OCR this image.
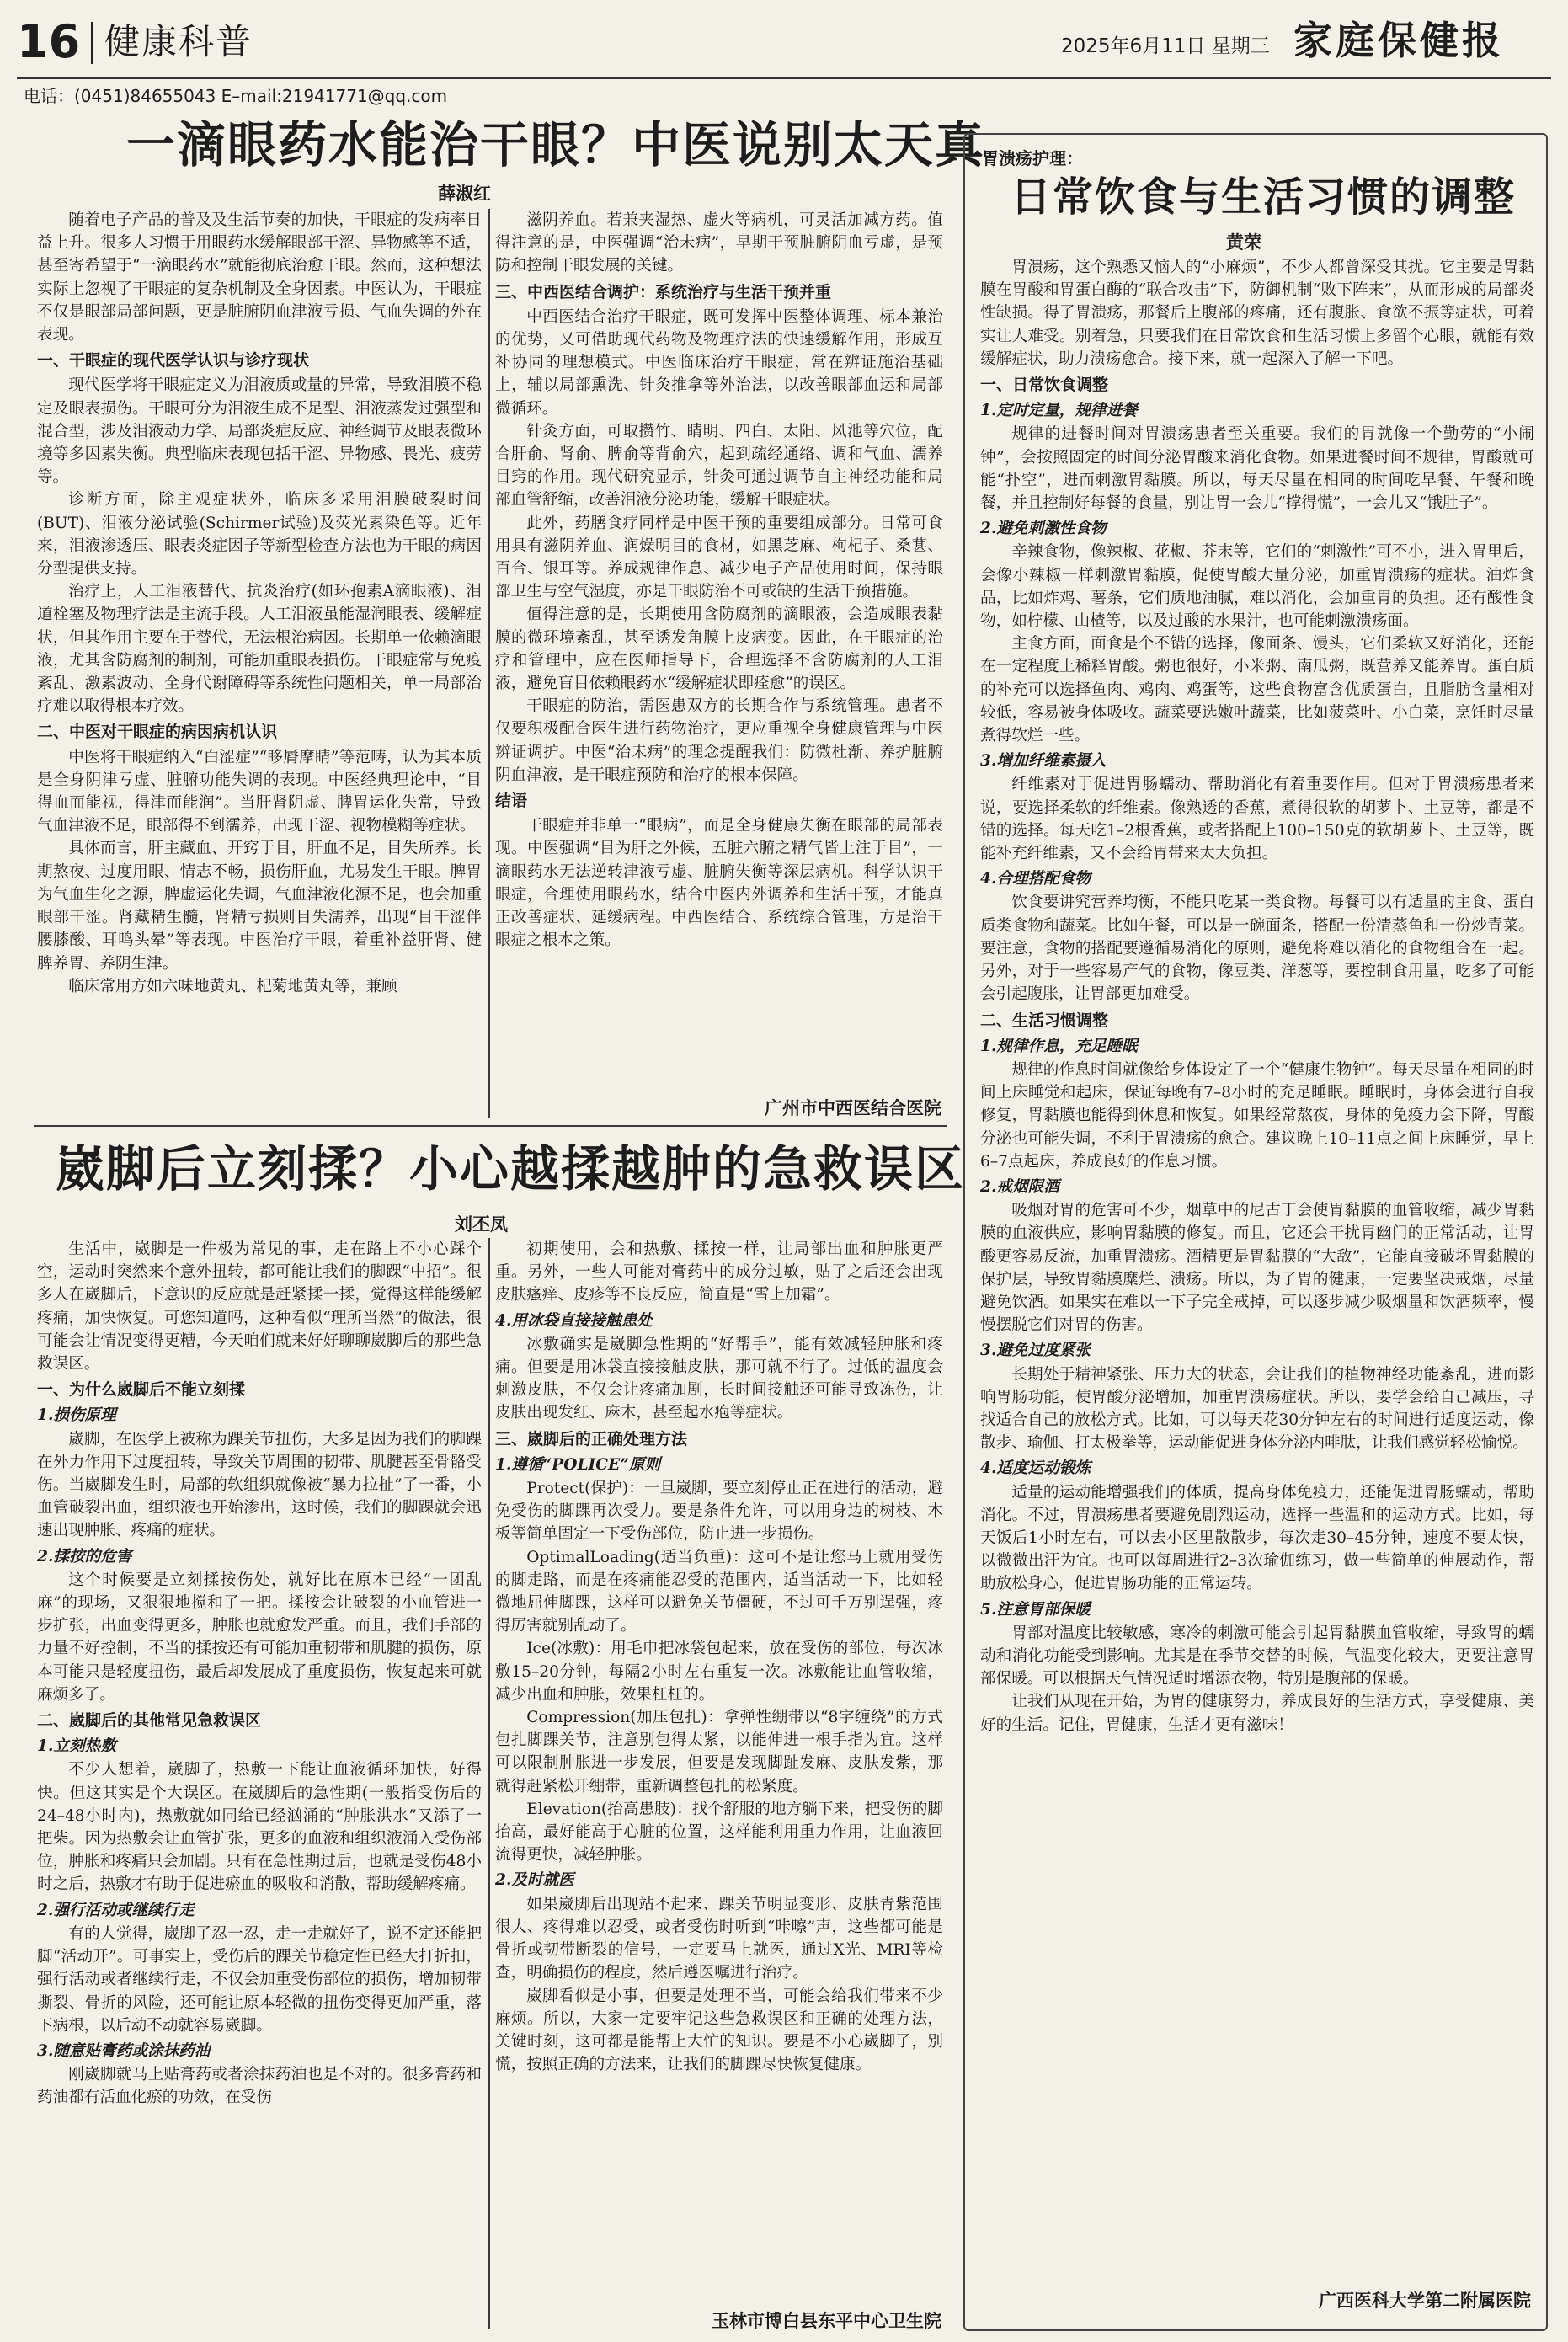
16 健康科普	2025年6月11日 星期三 家庭保健报
电话：(0451)84655043 E–mail:21941771@qq.com
一滴眼药水能治干眼？中医说别太天真
薛淑红

随着电子产品的普及及生活节奏的加快，干眼症的发病率日益上升。很多人习惯于用眼药水缓解眼部干涩、异物感等不适，甚至寄希望于“一滴眼药水”就能彻底治愈干眼。然而，这种想法实际上忽视了干眼症的复杂机制及全身因素。中医认为，干眼症不仅是眼部局部问题，更是脏腑阴血津液亏损、气血失调的外在表现。

一、干眼症的现代医学认识与诊疗现状

现代医学将干眼症定义为泪液质或量的异常，导致泪膜不稳定及眼表损伤。干眼可分为泪液生成不足型、泪液蒸发过强型和混合型，涉及泪液动力学、局部炎症反应、神经调节及眼表微环境等多因素失衡。典型临床表现包括干涩、异物感、畏光、疲劳等。

诊断方面，除主观症状外，临床多采用泪膜破裂时间(BUT)、泪液分泌试验(Schirmer试验)及荧光素染色等。近年来，泪液渗透压、眼表炎症因子等新型检查方法也为干眼的病因分型提供支持。

治疗上，人工泪液替代、抗炎治疗(如环孢素A滴眼液)、泪道栓塞及物理疗法是主流手段。人工泪液虽能湿润眼表、缓解症状，但其作用主要在于替代，无法根治病因。长期单一依赖滴眼液，尤其含防腐剂的制剂，可能加重眼表损伤。干眼症常与免疫紊乱、激素波动、全身代谢障碍等系统性问题相关，单一局部治疗难以取得根本疗效。

二、中医对干眼症的病因病机认识

中医将干眼症纳入“白涩症”“眵脣摩睛”等范畴，认为其本质是全身阴津亏虚、脏腑功能失调的表现。中医经典理论中，“目得血而能视，得津而能润”。当肝肾阴虚、脾胃运化失常，导致气血津液不足，眼部得不到濡养，出现干涩、视物模糊等症状。

具体而言，肝主藏血、开窍于目，肝血不足，目失所养。长期熬夜、过度用眼、情志不畅，损伤肝血，尤易发生干眼。脾胃为气血生化之源，脾虚运化失调，气血津液化源不足，也会加重眼部干涩。肾藏精生髓，肾精亏损则目失濡养，出现“目干涩伴腰膝酸、耳鸣头晕”等表现。中医治疗干眼，着重补益肝肾、健脾养胃、养阴生津。

临床常用方如六味地黄丸、杞菊地黄丸等，兼顾

滋阴养血。若兼夹湿热、虚火等病机，可灵活加减方药。值得注意的是，中医强调“治未病”，早期干预脏腑阴血亏虚，是预防和控制干眼发展的关键。

三、中西医结合调护：系统治疗与生活干预并重

中西医结合治疗干眼症，既可发挥中医整体调理、标本兼治的优势，又可借助现代药物及物理疗法的快速缓解作用，形成互补协同的理想模式。中医临床治疗干眼症，常在辨证施治基础上，辅以局部熏洗、针灸推拿等外治法，以改善眼部血运和局部微循环。

针灸方面，可取攒竹、睛明、四白、太阳、风池等穴位，配合肝俞、肾俞、脾俞等背俞穴，起到疏经通络、调和气血、濡养目窍的作用。现代研究显示，针灸可通过调节自主神经功能和局部血管舒缩，改善泪液分泌功能，缓解干眼症状。

此外，药膳食疗同样是中医干预的重要组成部分。日常可食用具有滋阴养血、润燥明目的食材，如黑芝麻、枸杞子、桑葚、百合、银耳等。养成规律作息、减少电子产品使用时间，保持眼部卫生与空气湿度，亦是干眼防治不可或缺的生活干预措施。

值得注意的是，长期使用含防腐剂的滴眼液，会造成眼表黏膜的微环境紊乱，甚至诱发角膜上皮病变。因此，在干眼症的治疗和管理中，应在医师指导下，合理选择不含防腐剂的人工泪液，避免盲目依赖眼药水“缓解症状即痊愈”的误区。

干眼症的防治，需医患双方的长期合作与系统管理。患者不仅要积极配合医生进行药物治疗，更应重视全身健康管理与中医辨证调护。中医“治未病”的理念提醒我们：防微杜渐、养护脏腑阴血津液，是干眼症预防和治疗的根本保障。

结语

干眼症并非单一“眼病”，而是全身健康失衡在眼部的局部表现。中医强调“目为肝之外候，五脏六腑之精气皆上注于目”，一滴眼药水无法逆转津液亏虚、脏腑失衡等深层病机。科学认识干眼症，合理使用眼药水，结合中医内外调养和生活干预，才能真正改善症状、延缓病程。中西医结合、系统综合管理，方是治干眼症之根本之策。

广州市中西医结合医院
崴脚后立刻揉？小心越揉越肿的急救误区
刘丕凤

生活中，崴脚是一件极为常见的事，走在路上不小心踩个空，运动时突然来个意外扭转，都可能让我们的脚踝“中招”。很多人在崴脚后，下意识的反应就是赶紧揉一揉，觉得这样能缓解疼痛，加快恢复。可您知道吗，这种看似“理所当然”的做法，很可能会让情况变得更糟，今天咱们就来好好聊聊崴脚后的那些急救误区。

一、为什么崴脚后不能立刻揉
1.损伤原理

崴脚，在医学上被称为踝关节扭伤，大多是因为我们的脚踝在外力作用下过度扭转，导致关节周围的韧带、肌腱甚至骨骼受伤。当崴脚发生时，局部的软组织就像被“暴力拉扯”了一番，小血管破裂出血，组织液也开始渗出，这时候，我们的脚踝就会迅速出现肿胀、疼痛的症状。

2.揉按的危害

这个时候要是立刻揉按伤处，就好比在原本已经“一团乱麻”的现场，又狠狠地搅和了一把。揉按会让破裂的小血管进一步扩张，出血变得更多，肿胀也就愈发严重。而且，我们手部的力量不好控制，不当的揉按还有可能加重韧带和肌腱的损伤，原本可能只是轻度扭伤，最后却发展成了重度损伤，恢复起来可就麻烦多了。

二、崴脚后的其他常见急救误区
1.立刻热敷

不少人想着，崴脚了，热敷一下能让血液循环加快，好得快。但这其实是个大误区。在崴脚后的急性期(一般指受伤后的24–48小时内)，热敷就如同给已经汹涌的“肿胀洪水”又添了一把柴。因为热敷会让血管扩张，更多的血液和组织液涌入受伤部位，肿胀和疼痛只会加剧。只有在急性期过后，也就是受伤48小时之后，热敷才有助于促进瘀血的吸收和消散，帮助缓解疼痛。

2.强行活动或继续行走

有的人觉得，崴脚了忍一忍，走一走就好了，说不定还能把脚“活动开”。可事实上，受伤后的踝关节稳定性已经大打折扣，强行活动或者继续行走，不仅会加重受伤部位的损伤，增加韧带撕裂、骨折的风险，还可能让原本轻微的扭伤变得更加严重，落下病根，以后动不动就容易崴脚。

3.随意贴膏药或涂抹药油

刚崴脚就马上贴膏药或者涂抹药油也是不对的。很多膏药和药油都有活血化瘀的功效，在受伤

初期使用，会和热敷、揉按一样，让局部出血和肿胀更严重。另外，一些人可能对膏药中的成分过敏，贴了之后还会出现皮肤瘙痒、皮疹等不良反应，简直是“雪上加霜”。

4.用冰袋直接接触患处

冰敷确实是崴脚急性期的“好帮手”，能有效减轻肿胀和疼痛。但要是用冰袋直接接触皮肤，那可就不行了。过低的温度会刺激皮肤，不仅会让疼痛加剧，长时间接触还可能导致冻伤，让皮肤出现发红、麻木，甚至起水疱等症状。

三、崴脚后的正确处理方法
1.遵循“POLICE”原则

Protect(保护)：一旦崴脚，要立刻停止正在进行的活动，避免受伤的脚踝再次受力。要是条件允许，可以用身边的树枝、木板等简单固定一下受伤部位，防止进一步损伤。

OptimalLoading(适当负重)：这可不是让您马上就用受伤的脚走路，而是在疼痛能忍受的范围内，适当活动一下，比如轻微地屈伸脚踝，这样可以避免关节僵硬，不过可千万别逞强，疼得厉害就别乱动了。

Ice(冰敷)：用毛巾把冰袋包起来，放在受伤的部位，每次冰敷15–20分钟，每隔2小时左右重复一次。冰敷能让血管收缩，减少出血和肿胀，效果杠杠的。

Compression(加压包扎)：拿弹性绷带以“8字缠绕”的方式包扎脚踝关节，注意别包得太紧，以能伸进一根手指为宜。这样可以限制肿胀进一步发展，但要是发现脚趾发麻、皮肤发紫，那就得赶紧松开绷带，重新调整包扎的松紧度。

Elevation(抬高患肢)：找个舒服的地方躺下来，把受伤的脚抬高，最好能高于心脏的位置，这样能利用重力作用，让血液回流得更快，减轻肿胀。

2.及时就医

如果崴脚后出现站不起来、踝关节明显变形、皮肤青紫范围很大、疼得难以忍受，或者受伤时听到“咔嚓”声，这些都可能是骨折或韧带断裂的信号，一定要马上就医，通过X光、MRI等检查，明确损伤的程度，然后遵医嘱进行治疗。

崴脚看似是小事，但要是处理不当，可能会给我们带来不少麻烦。所以，大家一定要牢记这些急救误区和正确的处理方法，关键时刻，这可都是能帮上大忙的知识。要是不小心崴脚了，别慌，按照正确的方法来，让我们的脚踝尽快恢复健康。

玉林市博白县东平中心卫生院
胃溃疡护理：
日常饮食与生活习惯的调整
黄荣

胃溃疡，这个熟悉又恼人的“小麻烦”，不少人都曾深受其扰。它主要是胃黏膜在胃酸和胃蛋白酶的“联合攻击”下，防御机制“败下阵来”，从而形成的局部炎性缺损。得了胃溃疡，那餐后上腹部的疼痛，还有腹胀、食欲不振等症状，可着实让人难受。别着急，只要我们在日常饮食和生活习惯上多留个心眼，就能有效缓解症状，助力溃疡愈合。接下来，就一起深入了解一下吧。

一、日常饮食调整
1.定时定量，规律进餐

规律的进餐时间对胃溃疡患者至关重要。我们的胃就像一个勤劳的“小闹钟”，会按照固定的时间分泌胃酸来消化食物。如果进餐时间不规律，胃酸就可能“扑空”，进而刺激胃黏膜。所以，每天尽量在相同的时间吃早餐、午餐和晚餐，并且控制好每餐的食量，别让胃一会儿“撑得慌”，一会儿又“饿肚子”。

2.避免刺激性食物

辛辣食物，像辣椒、花椒、芥末等，它们的“刺激性”可不小，进入胃里后，会像小辣椒一样刺激胃黏膜，促使胃酸大量分泌，加重胃溃疡的症状。油炸食品，比如炸鸡、薯条，它们质地油腻，难以消化，会加重胃的负担。还有酸性食物，如柠檬、山楂等，以及过酸的水果汁，也可能刺激溃疡面。

主食方面，面食是个不错的选择，像面条、馒头，它们柔软又好消化，还能在一定程度上稀释胃酸。粥也很好，小米粥、南瓜粥，既营养又能养胃。蛋白质的补充可以选择鱼肉、鸡肉、鸡蛋等，这些食物富含优质蛋白，且脂肪含量相对较低，容易被身体吸收。蔬菜要选嫩叶蔬菜，比如菠菜叶、小白菜，烹饪时尽量煮得软烂一些。

3.增加纤维素摄入

纤维素对于促进胃肠蠕动、帮助消化有着重要作用。但对于胃溃疡患者来说，要选择柔软的纤维素。像熟透的香蕉，煮得很软的胡萝卜、土豆等，都是不错的选择。每天吃1–2根香蕉，或者搭配上100–150克的软胡萝卜、土豆等，既能补充纤维素，又不会给胃带来太大负担。

4.合理搭配食物

饮食要讲究营养均衡，不能只吃某一类食物。每餐可以有适量的主食、蛋白质类食物和蔬菜。比如午餐，可以是一碗面条，搭配一份清蒸鱼和一份炒青菜。要注意，食物的搭配要遵循易消化的原则，避免将难以消化的食物组合在一起。另外，对于一些容易产气的食物，像豆类、洋葱等，要控制食用量，吃多了可能会引起腹胀，让胃部更加难受。

二、生活习惯调整
1.规律作息，充足睡眠

规律的作息时间就像给身体设定了一个“健康生物钟”。每天尽量在相同的时间上床睡觉和起床，保证每晚有7–8小时的充足睡眠。睡眠时，身体会进行自我修复，胃黏膜也能得到休息和恢复。如果经常熬夜，身体的免疫力会下降，胃酸分泌也可能失调，不利于胃溃疡的愈合。建议晚上10–11点之间上床睡觉，早上6–7点起床，养成良好的作息习惯。

2.戒烟限酒

吸烟对胃的危害可不少，烟草中的尼古丁会使胃黏膜的血管收缩，减少胃黏膜的血液供应，影响胃黏膜的修复。而且，它还会干扰胃幽门的正常活动，让胃酸更容易反流，加重胃溃疡。酒精更是胃黏膜的“大敌”，它能直接破坏胃黏膜的保护层，导致胃黏膜糜烂、溃疡。所以，为了胃的健康，一定要坚决戒烟，尽量避免饮酒。如果实在难以一下子完全戒掉，可以逐步减少吸烟量和饮酒频率，慢慢摆脱它们对胃的伤害。

3.避免过度紧张

长期处于精神紧张、压力大的状态，会让我们的植物神经功能紊乱，进而影响胃肠功能，使胃酸分泌增加，加重胃溃疡症状。所以，要学会给自己减压，寻找适合自己的放松方式。比如，可以每天花30分钟左右的时间进行适度运动，像散步、瑜伽、打太极拳等，运动能促进身体分泌内啡肽，让我们感觉轻松愉悦。

4.适度运动锻炼

适量的运动能增强我们的体质，提高身体免疫力，还能促进胃肠蠕动，帮助消化。不过，胃溃疡患者要避免剧烈运动，选择一些温和的运动方式。比如，每天饭后1小时左右，可以去小区里散散步，每次走30–45分钟，速度不要太快，以微微出汗为宜。也可以每周进行2–3次瑜伽练习，做一些简单的伸展动作，帮助放松身心，促进胃肠功能的正常运转。

5.注意胃部保暖

胃部对温度比较敏感，寒冷的刺激可能会引起胃黏膜血管收缩，导致胃的蠕动和消化功能受到影响。尤其是在季节交替的时候，气温变化较大，更要注意胃部保暖。可以根据天气情况适时增添衣物，特别是腹部的保暖。

让我们从现在开始，为胃的健康努力，养成良好的生活方式，享受健康、美好的生活。记住，胃健康，生活才更有滋味！

广西医科大学第二附属医院
